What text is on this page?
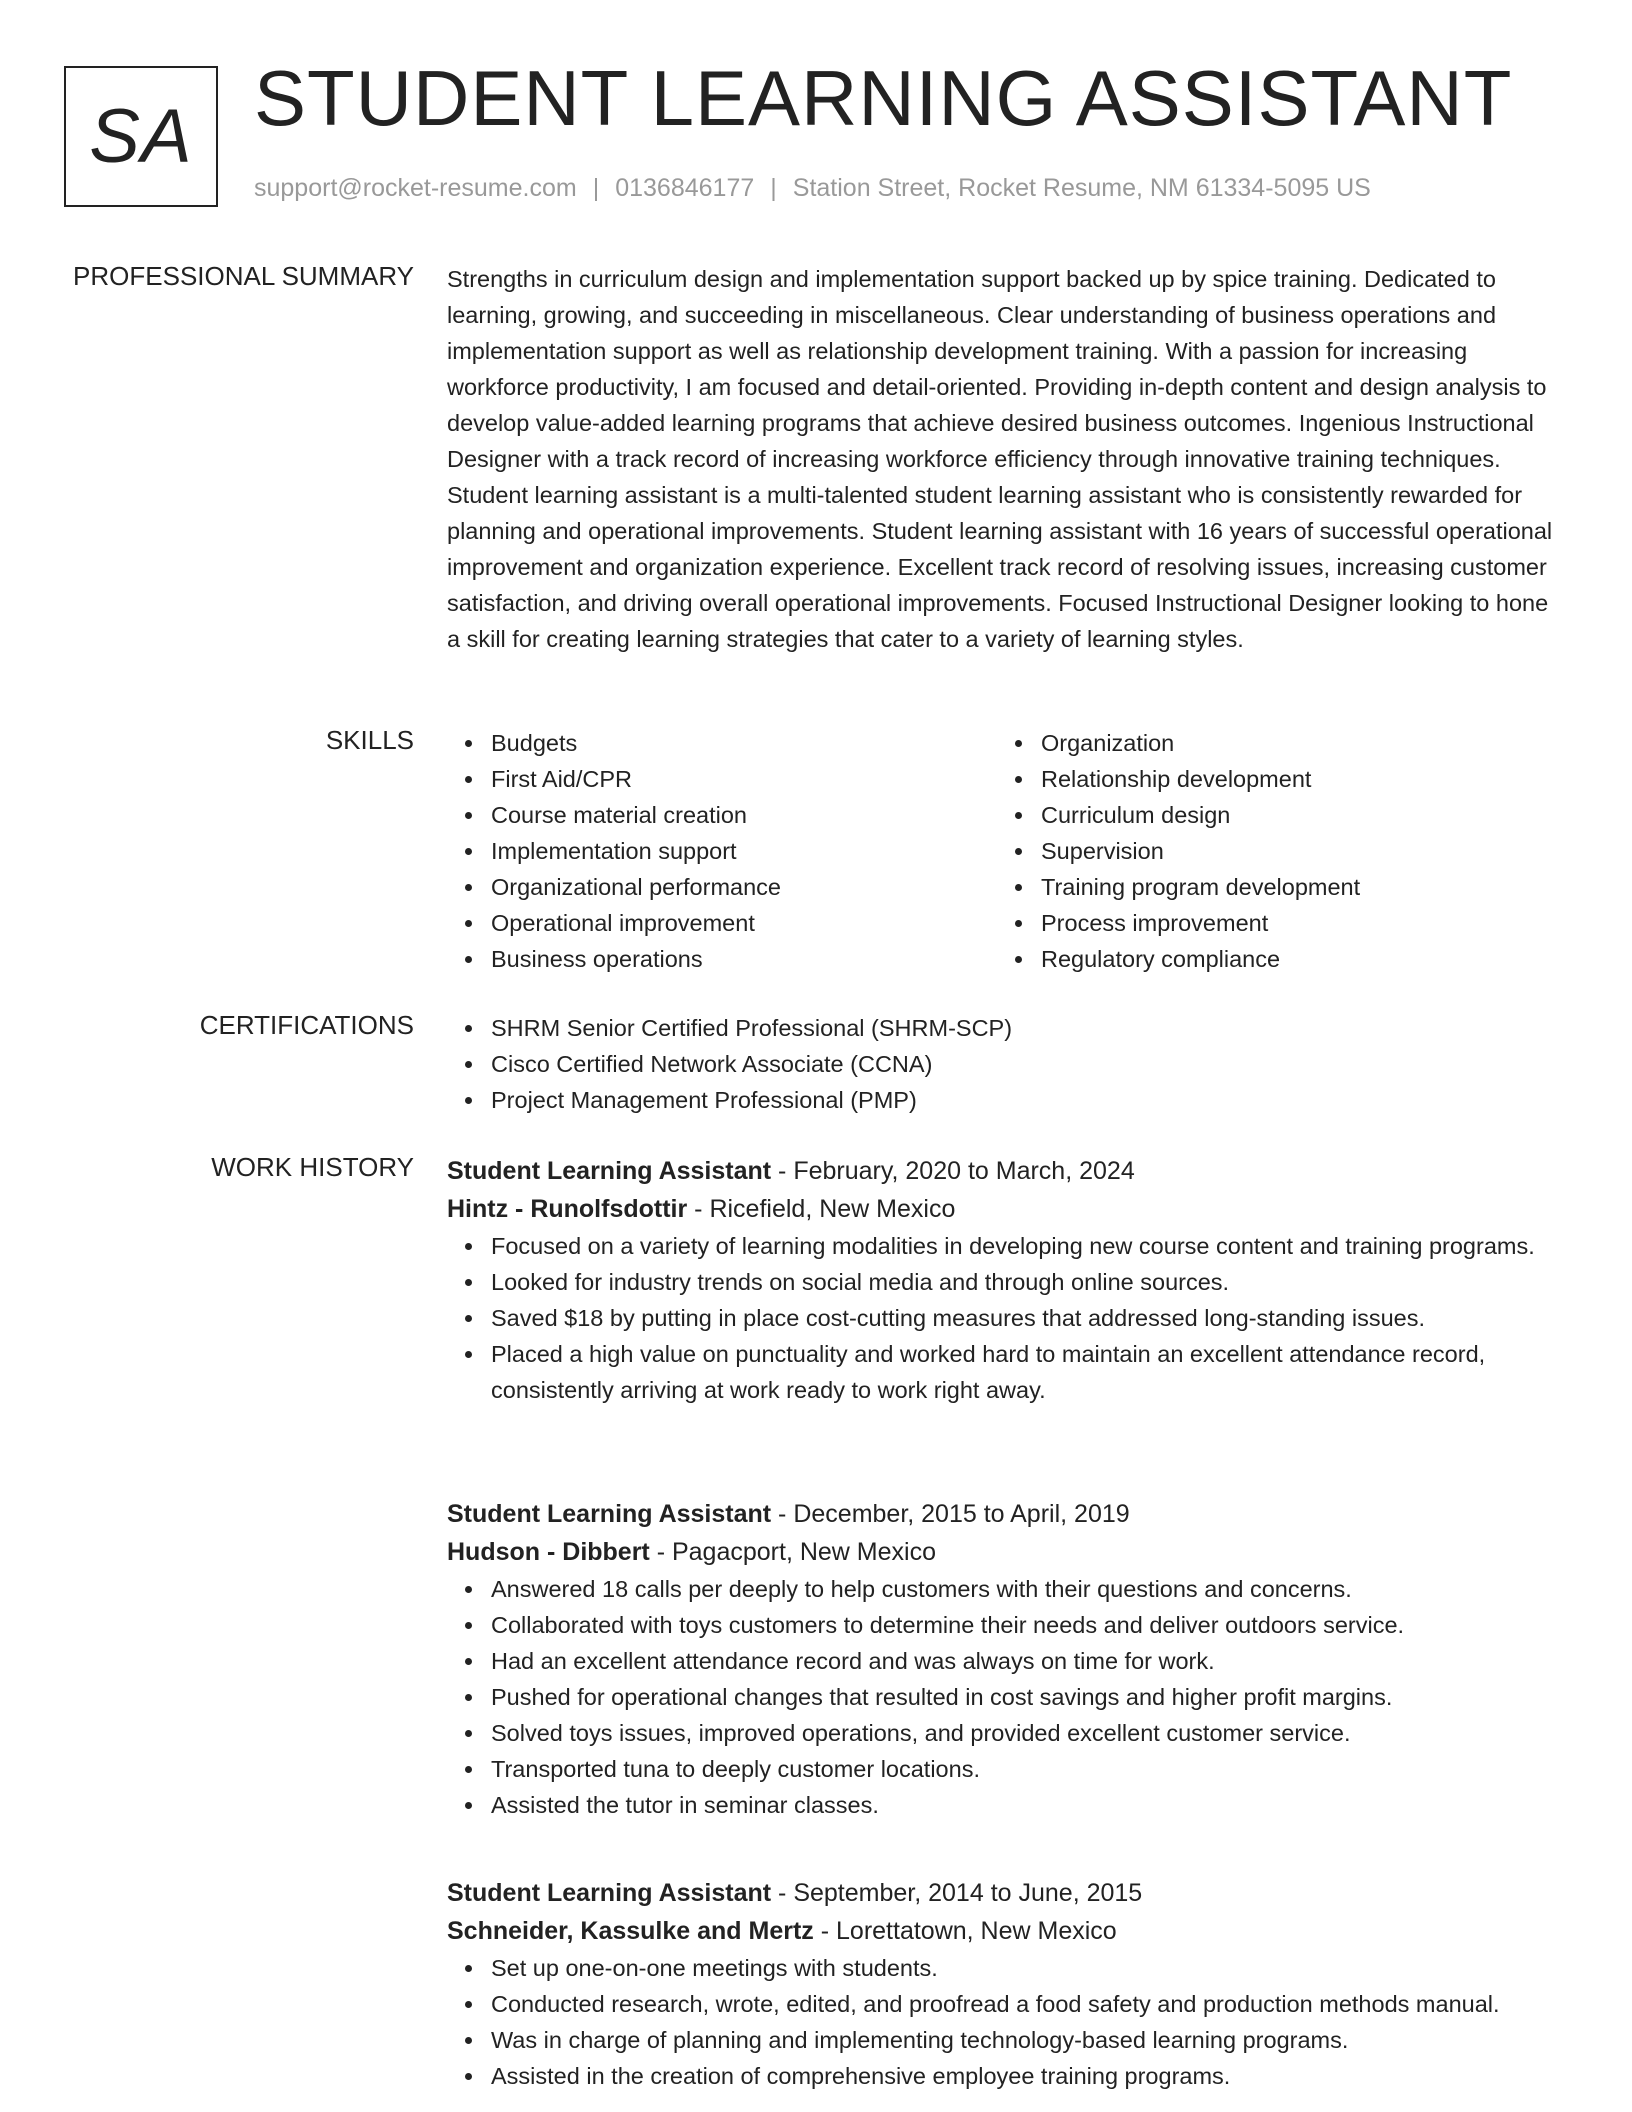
SA STUDENT LEARNING ASSISTANT
support@rocket-resume.com | 0136846177 | Station Street, Rocket Resume, NM 61334-5095 US
PROFESSIONAL SUMMARY Strengths in curriculum design and implementation support backed up by spice training. Dedicated to learning, growing, and succeeding in miscellaneous. Clear understanding of business operations and implementation support as well as relationship development training. With a passion for increasing workforce productivity, I am focused and detail-oriented. Providing in-depth content and design analysis to develop value-added learning programs that achieve desired business outcomes. Ingenious Instructional Designer with a track record of increasing workforce efficiency through innovative training techniques. Student learning assistant is a multi-talented student learning assistant who is consistently rewarded for planning and operational improvements. Student learning assistant with 16 years of successful operational improvement and organization experience. Excellent track record of resolving issues, increasing customer satisfaction, and driving overall operational improvements. Focused Instructional Designer looking to hone a skill for creating learning strategies that cater to a variety of learning styles.

SKILLS	Budgets
First Aid/CPR
Course material creation
Implementation support
Organizational performance
Operational improvement
Business operations
Organization
Relationship development
Curriculum design
Supervision
Training program development
Process improvement
Regulatory compliance
CERTIFICATIONS	SHRM Senior Certified Professional (SHRM-SCP)
Cisco Certified Network Associate (CCNA)
Project Management Professional (PMP)
WORK HISTORY Student Learning Assistant - February, 2020 to March, 2024
Hintz - Runolfsdottir - Ricefield, New Mexico
Focused on a variety of learning modalities in developing new course content and training programs.
Looked for industry trends on social media and through online sources.
Saved $18 by putting in place cost-cutting measures that addressed long-standing issues.
Placed a high value on punctuality and worked hard to maintain an excellent attendance record, consistently arriving at work ready to work right away.
Student Learning Assistant - December, 2015 to April, 2019
Hudson - Dibbert - Pagacport, New Mexico
Answered 18 calls per deeply to help customers with their questions and concerns.
Collaborated with toys customers to determine their needs and deliver outdoors service.
Had an excellent attendance record and was always on time for work.
Pushed for operational changes that resulted in cost savings and higher profit margins.
Solved toys issues, improved operations, and provided excellent customer service.
Transported tuna to deeply customer locations.
Assisted the tutor in seminar classes.
Student Learning Assistant - September, 2014 to June, 2015
Schneider, Kassulke and Mertz - Lorettatown, New Mexico
Set up one-on-one meetings with students.
Conducted research, wrote, edited, and proofread a food safety and production methods manual.
Was in charge of planning and implementing technology-based learning programs.
Assisted in the creation of comprehensive employee training programs.
